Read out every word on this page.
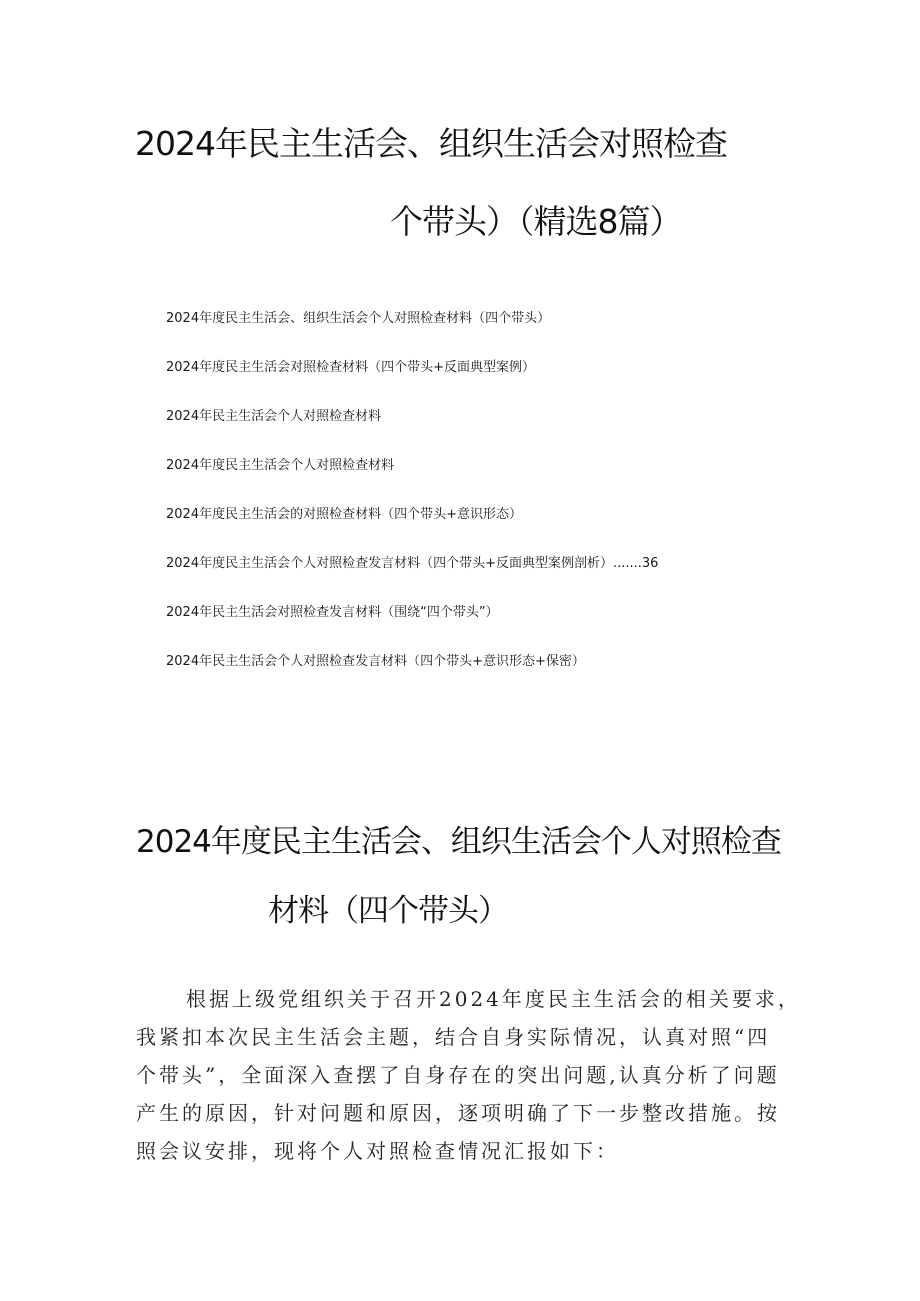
2024年民主生活会、组织生活会对照检查
个带头）（精选8篇）
2024年度民主生活会、组织生活会个人对照检查材料（四个带头）
2024年度民主生活会对照检查材料（四个带头+反面典型案例）
2024年民主生活会个人对照检查材料
2024年度民主生活会个人对照检查材料
2024年度民主生活会的对照检查材料（四个带头+意识形态）
2024年度民主生活会个人对照检查发言材料（四个带头+反面典型案例剖析）.......36
2024年民主生活会对照检查发言材料（围绕“四个带头”）
2024年民主生活会个人对照检查发言材料（四个带头+意识形态+保密）
2024年度民主生活会、组织生活会个人对照检查
材料（四个带头）

根据上级党组织关于召开2024年度民主生活会的相关要求，
我紧扣本次民主生活会主题，结合自身实际情况，认真对照“四
个带头”，全面深入查摆了自身存在的突出问题,认真分析了问题
产生的原因，针对问题和原因，逐项明确了下一步整改措施。按
照会议安排，现将个人对照检查情况汇报如下：
